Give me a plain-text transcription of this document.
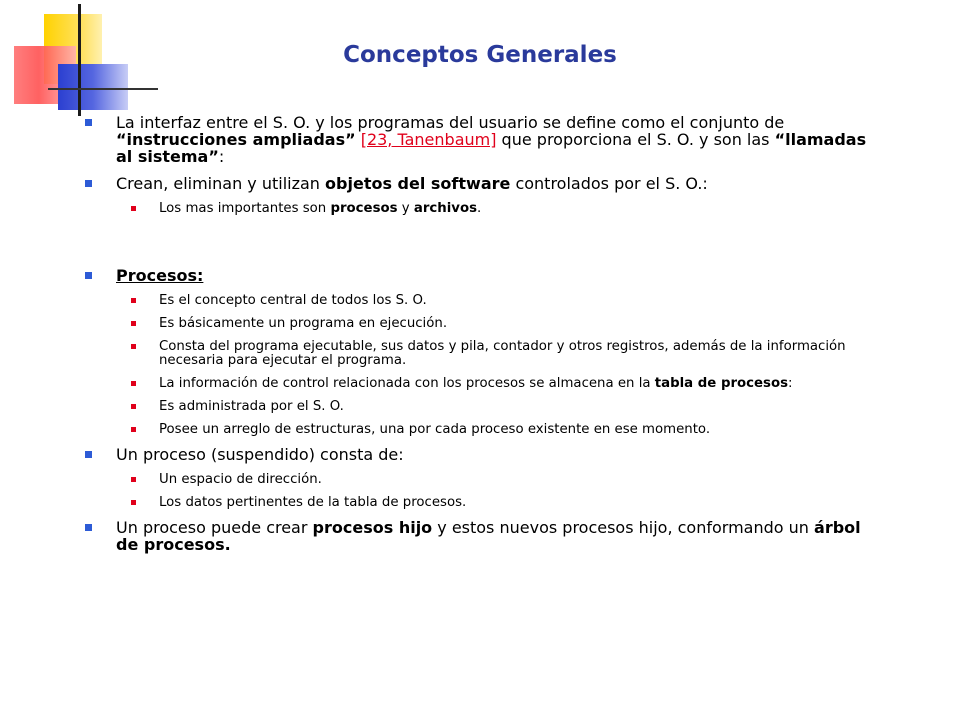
Conceptos Generales
La interfaz entre el S. O. y los programas del usuario se define como el conjunto de “instrucciones ampliadas” [23, Tanenbaum] que proporciona el S. O. y son las “llamadas al sistema”:
Crean, eliminan y utilizan objetos del software controlados por el S. O.:
Los mas importantes son procesos y archivos.
Procesos:
Es el concepto central de todos los S. O.
Es básicamente un programa en ejecución.
Consta del programa ejecutable, sus datos y pila, contador y otros registros, además de la información necesaria para ejecutar el programa.
La información de control relacionada con los procesos se almacena en la tabla de procesos:
Es administrada por el S. O.
Posee un arreglo de estructuras, una por cada proceso existente en ese momento.
Un proceso (suspendido) consta de:
Un espacio de dirección.
Los datos pertinentes de la tabla de procesos.
Un proceso puede crear procesos hijo y estos nuevos procesos hijo, conformando un árbol de procesos.
